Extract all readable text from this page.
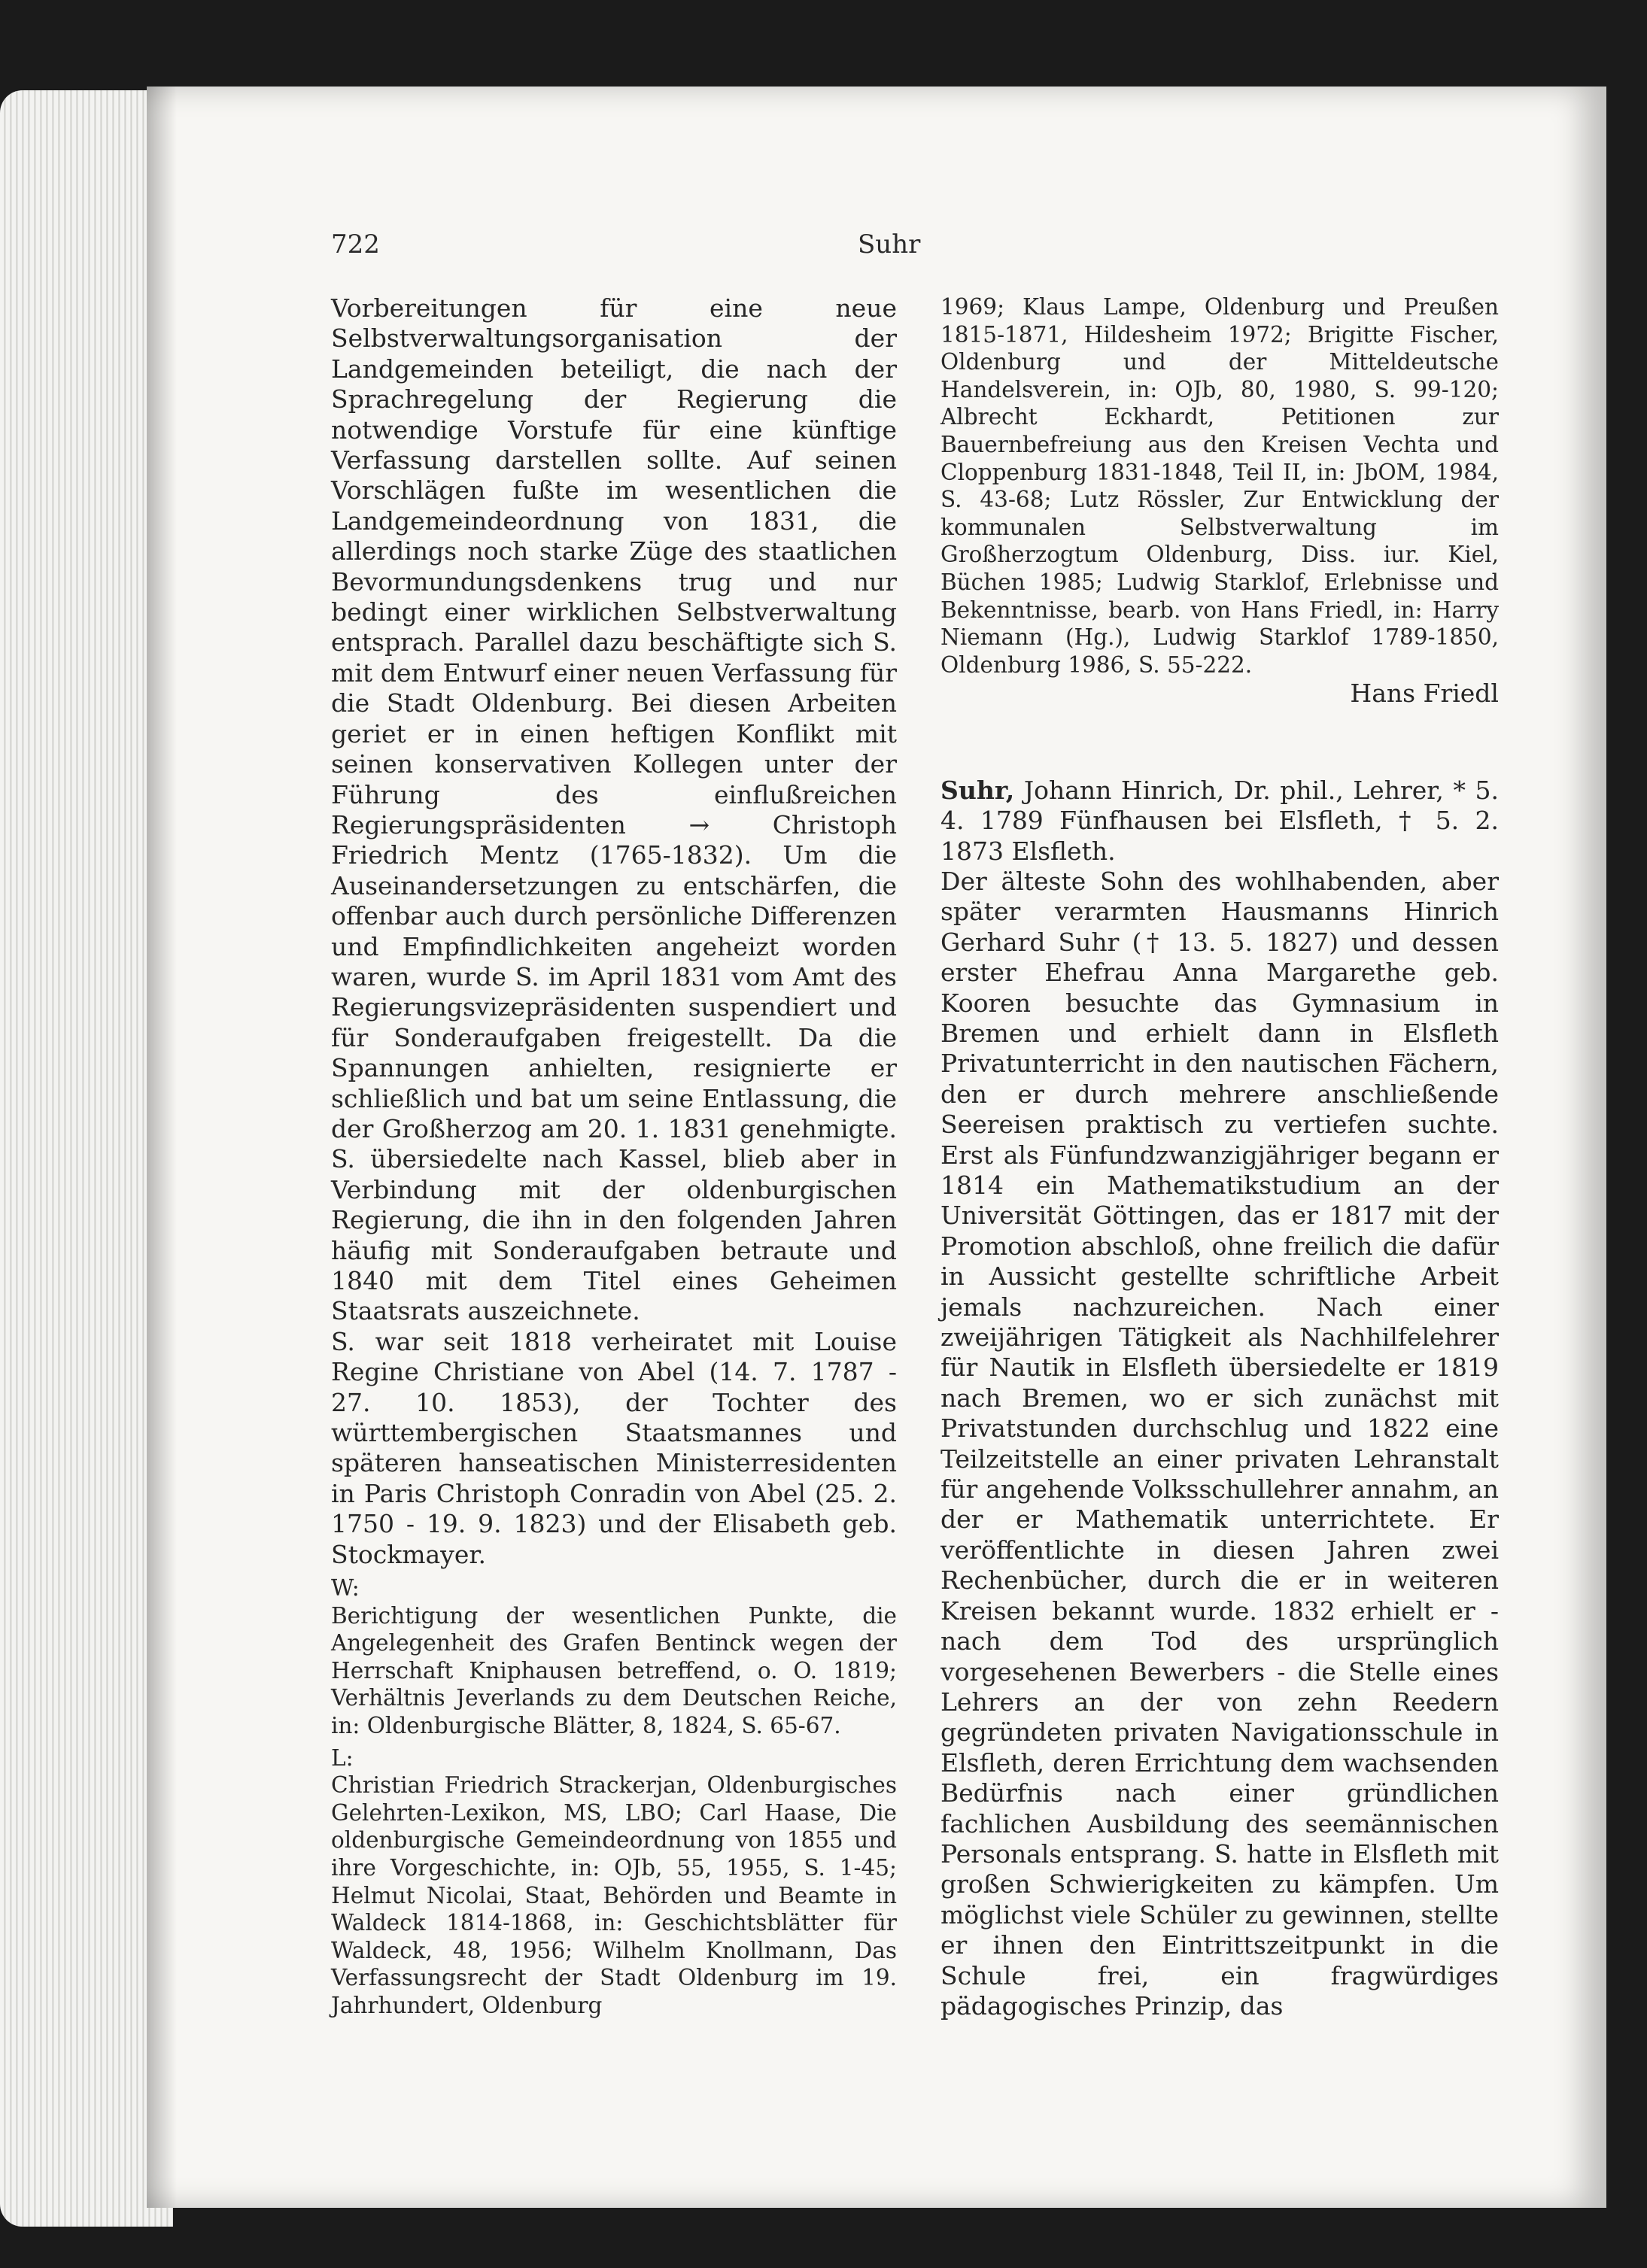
722	Suhr

Vorbereitungen für eine neue Selbstverwaltungsorganisation der Landgemeinden beteiligt, die nach der Sprachregelung der Regierung die notwendige Vorstufe für eine künftige Verfassung darstellen sollte. Auf seinen Vorschlägen fußte im wesentlichen die Landgemeindeordnung von 1831, die allerdings noch starke Züge des staatlichen Bevormundungsdenkens trug und nur bedingt einer wirklichen Selbstverwaltung entsprach. Parallel dazu beschäftigte sich S. mit dem Entwurf einer neuen Verfassung für die Stadt Oldenburg. Bei diesen Arbeiten geriet er in einen heftigen Konflikt mit seinen konservativen Kollegen unter der Führung des einflußreichen Regierungspräsidenten → Christoph Friedrich Mentz (1765-1832). Um die Auseinandersetzungen zu entschärfen, die offenbar auch durch persönliche Differenzen und Empfindlichkeiten angeheizt worden waren, wurde S. im April 1831 vom Amt des Regierungsvizepräsidenten suspendiert und für Sonderaufgaben freigestellt. Da die Spannungen anhielten, resignierte er schließlich und bat um seine Entlassung, die der Großherzog am 20. 1. 1831 genehmigte. S. übersiedelte nach Kassel, blieb aber in Verbindung mit der oldenburgischen Regierung, die ihn in den folgenden Jahren häufig mit Sonderaufgaben betraute und 1840 mit dem Titel eines Geheimen Staatsrats auszeichnete.

S. war seit 1818 verheiratet mit Louise Regine Christiane von Abel (14. 7. 1787 - 27. 10. 1853), der Tochter des württembergischen Staatsmannes und späteren hanseatischen Ministerresidenten in Paris Christoph Conradin von Abel (25. 2. 1750 - 19. 9. 1823) und der Elisabeth geb. Stockmayer.

W:

Berichtigung der wesentlichen Punkte, die Angelegenheit des Grafen Bentinck wegen der Herrschaft Kniphausen betreffend, o. O. 1819; Verhältnis Jeverlands zu dem Deutschen Reiche, in: Oldenburgische Blätter, 8, 1824, S. 65-67.

L:

Christian Friedrich Strackerjan, Oldenburgisches Gelehrten-Lexikon, MS, LBO; Carl Haase, Die oldenburgische Gemeindeordnung von 1855 und ihre Vorgeschichte, in: OJb, 55, 1955, S. 1-45; Helmut Nicolai, Staat, Behörden und Beamte in Waldeck 1814-1868, in: Geschichtsblätter für Waldeck, 48, 1956; Wilhelm Knollmann, Das Verfassungsrecht der Stadt Oldenburg im 19. Jahrhundert, Oldenburg

1969; Klaus Lampe, Oldenburg und Preußen 1815-1871, Hildesheim 1972; Brigitte Fischer, Oldenburg und der Mitteldeutsche Handelsverein, in: OJb, 80, 1980, S. 99-120; Albrecht Eckhardt, Petitionen zur Bauernbefreiung aus den Kreisen Vechta und Cloppenburg 1831-1848, Teil II, in: JbOM, 1984, S. 43-68; Lutz Rössler, Zur Entwicklung der kommunalen Selbstverwaltung im Großherzogtum Oldenburg, Diss. iur. Kiel, Büchen 1985; Ludwig Starklof, Erlebnisse und Bekenntnisse, bearb. von Hans Friedl, in: Harry Niemann (Hg.), Ludwig Starklof 1789-1850, Oldenburg 1986, S. 55-222.

Hans Friedl

Suhr, Johann Hinrich, Dr. phil., Lehrer, * 5. 4. 1789 Fünfhausen bei Elsfleth, † 5. 2. 1873 Elsfleth.

Der älteste Sohn des wohlhabenden, aber später verarmten Hausmanns Hinrich Gerhard Suhr († 13. 5. 1827) und dessen erster Ehefrau Anna Margarethe geb. Kooren besuchte das Gymnasium in Bremen und erhielt dann in Elsfleth Privatunterricht in den nautischen Fächern, den er durch mehrere anschließende Seereisen praktisch zu vertiefen suchte. Erst als Fünfundzwanzigjähriger begann er 1814 ein Mathematikstudium an der Universität Göttingen, das er 1817 mit der Promotion abschloß, ohne freilich die dafür in Aussicht gestellte schriftliche Arbeit jemals nachzureichen. Nach einer zweijährigen Tätigkeit als Nachhilfelehrer für Nautik in Elsfleth übersiedelte er 1819 nach Bremen, wo er sich zunächst mit Privatstunden durchschlug und 1822 eine Teilzeitstelle an einer privaten Lehranstalt für angehende Volksschullehrer annahm, an der er Mathematik unterrichtete. Er veröffentlichte in diesen Jahren zwei Rechenbücher, durch die er in weiteren Kreisen bekannt wurde. 1832 erhielt er - nach dem Tod des ursprünglich vorgesehenen Bewerbers - die Stelle eines Lehrers an der von zehn Reedern gegründeten privaten Navigationsschule in Elsfleth, deren Errichtung dem wachsenden Bedürfnis nach einer gründlichen fachlichen Ausbildung des seemännischen Personals entsprang. S. hatte in Elsfleth mit großen Schwierigkeiten zu kämpfen. Um möglichst viele Schüler zu gewinnen, stellte er ihnen den Eintrittszeitpunkt in die Schule frei, ein fragwürdiges pädagogisches Prinzip, das
